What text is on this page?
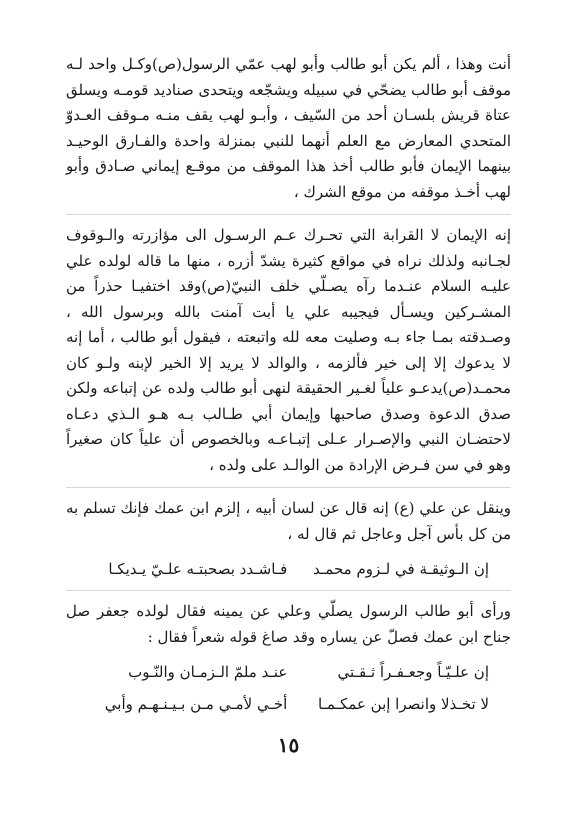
أنت وهذا ، ألم يكن أبو طالب وأبو لهب عمّي الرسول(ص)وكـل واحد لـه موقف أبو طالب يضحّي في سبيله ويشجّعه ويتحدى صناديد قومـه ويسلق عتاة قريش بلسـان أحد من السّيف ، وأبـو لهب يقف منـه مـوقف العـدوّ المتحدي المعارض مع العلم أنهما للنبي بمنزلة واحدة والفـارق الوحيـد بينهما الإيمان فأبو طالب أخذ هذا الموقف من موقـع إيماني صـادق وأبو لهب أخـذ موقفه من موقع الشرك ،

إنه الإيمان لا القرابة التي تحـرك عـم الرسـول الى مؤازرته والـوقوف لجـانبه ولذلك نراه في مواقع كثيرة يشدّ أزره ، منها ما قاله لولده علي عليـه السلام عنـدما رآه يصـلّي خلف النبيّ(ص)وقد اختفيـا حذراً من المشـركين ويسـأل فيجيبه علي يا أبت آمنت بالله وبرسول الله ، وصـدقته بمـا جاء بـه وصليت معه لله واتبعته ، فيقول أبو طالب ، أما إنه لا يدعوك إلا إلى خير فألزمه ، والوالد لا يريد إلا الخير لإبنه ولـو كان محمـد(ص)يدعـو علياً لغـير الحقيقة لنهى أبو طالب ولده عن إتباعه ولكن صدق الدعوة وصدق صاحبها وإيمان أبي طـالب بـه هـو الـذي دعـاه لاحتضـان النبي والإصـرار عـلى إتبـاعـه وبالخصوص أن علياً كان صغيراً وهو في سن فـرض الإرادة من الوالـد على ولده ،

وينقل عن علي (ع) إنه قال عن لسان أبيه ، إلزم ابن عمك فإنك تسلم به من كل بأس آجل وعاجل ثم قال له ،

إن الـوثيقـة في لـزوم محمـد
فـاشـدد بصحبتـه علـيّ يـديكـا

ورأى أبو طالب الرسول يصلّي وعلي عن يمينه فقال لولده جعفر صل جناح ابن عمك فصلّ عن يساره وقد صاغ قوله شعراً فقال :

إن علـيّـاً وجعـفـراً ثـقـتي
عنـد ملمّ الـزمـان والنّـوب
لا تخـذلا وانصرا إبن عمكـمـا
أخـي لأمـي مـن بـيـنـهـم وأبي
١٥
